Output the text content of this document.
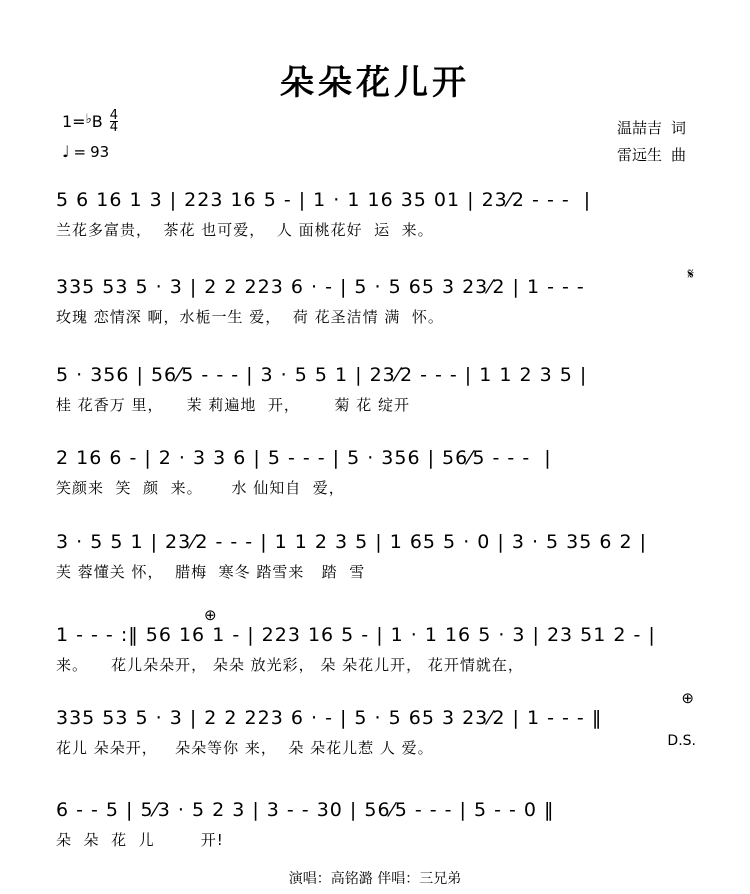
朵朵花儿开
1= ♭ B $\frac{4}{4}$
♩ = 93
温喆吉 词
雷远生 曲
5 6 16 1 3 | 223 16 5 - | 1 · 1 16 35 01 | 23⁄2 - - -  |
兰花多富贵，  茶花 也可爱，  人 面桃花好  运  来。
𝄋
335 53 5 · 3 | 2 2 223 6 · - | 5 · 5 65 3 23⁄2 | 1 - - -
玫瑰 恋情深 啊，水栀一生 爱，  荷 花圣洁情 满  怀。
5 · 356 | 56⁄5 - - - | 3 · 5 5 1 | 23⁄2 - - - | 1 1 2 3 5 |
桂 花香万 里，    茉 莉遍地  开，      菊 花 绽开
2 16 6 - | 2 · 3 3 6 | 5 - - - | 5 · 356 | 56⁄5 - - -  |
笑颜来  笑  颜  来。     水 仙知自  爱，
3 · 5 5 1 | 23⁄2 - - - | 1 1 2 3 5 | 1 65 5 · 0 | 3 · 5 35 6 2 |
芙 蓉懂关 怀，  腊梅  寒冬 踏雪来   踏  雪
⊕
1 - - - :‖ 56 16 1 - | 223 16 5 - | 1 · 1 16 5 · 3 | 23 51 2 - |
来。    花儿朵朵开， 朵朵 放光彩， 朵 朵花儿开， 花开情就在，
⊕
335 53 5 · 3 | 2 2 223 6 · - | 5 · 5 65 3 23⁄2 | 1 - - - ‖
花儿 朵朵开，   朵朵等你 来，  朵 朵花儿惹 人 爱。	D.S.
6 - - 5 | 5⁄3 · 5 2 3 | 3 - - 30 | 56⁄5 - - - | 5 - - 0 ‖
朵  朵  花  儿        开!
演唱：高铭潞 伴唱：三兄弟
